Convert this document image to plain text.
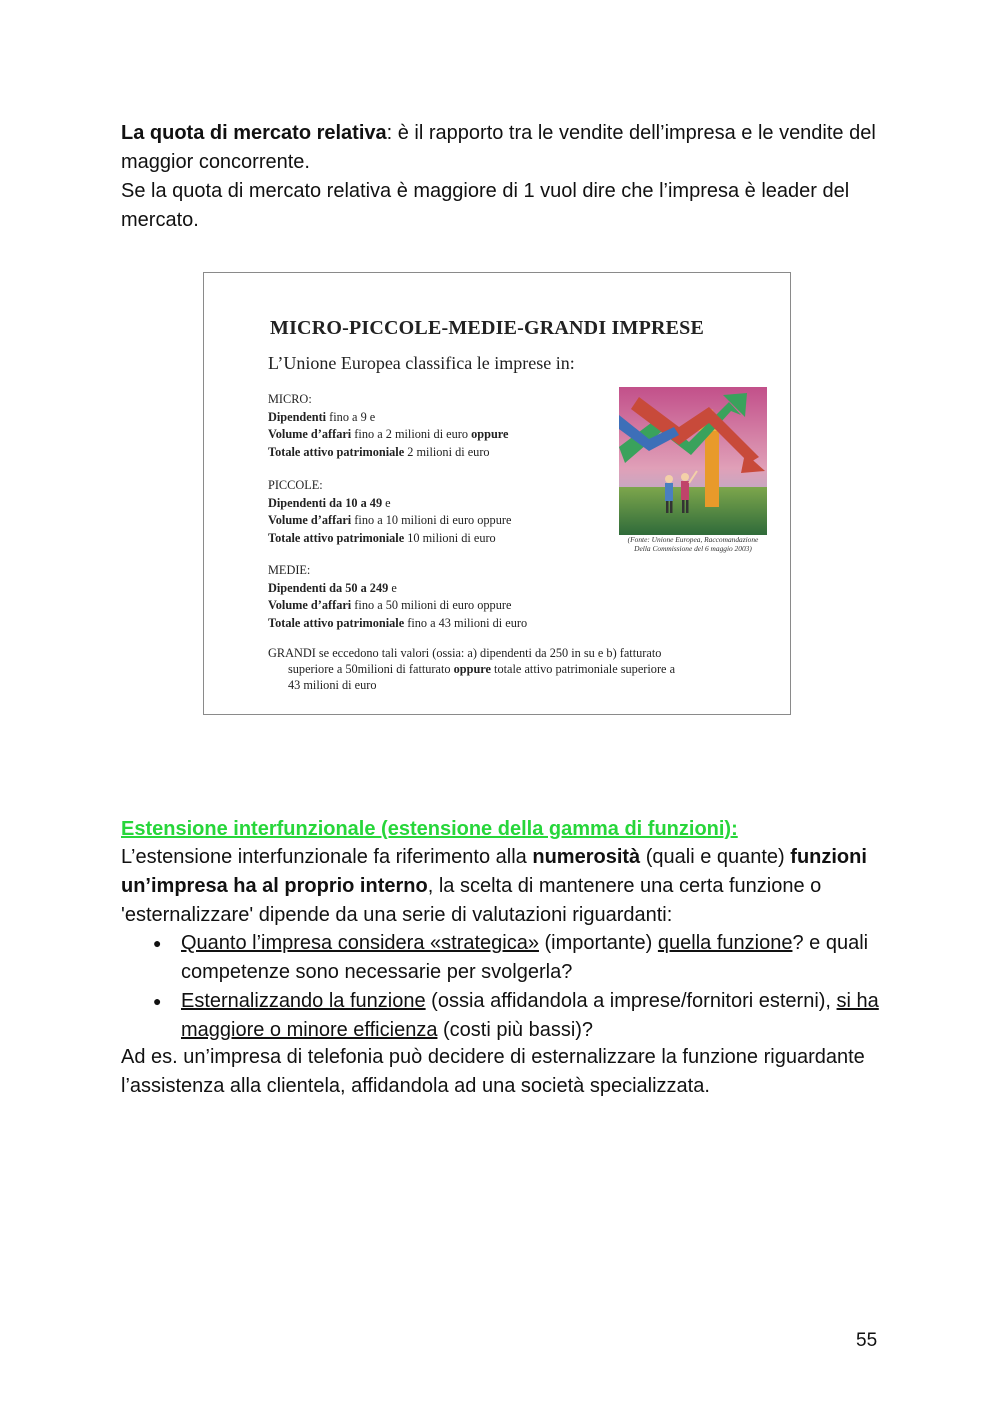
La quota di mercato relativa: è il rapporto tra le vendite dell’impresa e le vendite del maggior concorrente.
Se la quota di mercato relativa è maggiore di 1 vuol dire che l’impresa è leader del mercato.

MICRO-PICCOLE-MEDIE-GRANDI IMPRESE
L’Unione Europea classifica le imprese in:
MICRO:
Dipendenti fino a 9 e
Volume d’affari fino a 2 milioni di euro oppure
Totale attivo patrimoniale 2 milioni di euro
PICCOLE:
Dipendenti da 10 a 49 e
Volume d’affari fino a 10 milioni di euro oppure
Totale attivo patrimoniale 10 milioni di euro
MEDIE:
Dipendenti da 50 a 249 e
Volume d’affari fino a 50 milioni di euro oppure
Totale attivo patrimoniale fino a 43 milioni di euro
GRANDI se eccedono tali valori (ossia: a) dipendenti da 250 in su e b) fatturato
superiore a 50milioni di fatturato oppure totale attivo patrimoniale superiore a
43 milioni di euro
(Fonte: Unione Europea, Raccomandazione
Della Commissione del 6 maggio 2003)
Estensione interfunzionale (estensione della gamma di funzioni):

L’estensione interfunzionale fa riferimento alla numerosità (quali e quante) funzioni un’impresa ha al proprio interno, la scelta di mantenere una certa funzione o 'esternalizzare' dipende da una serie di valutazioni riguardanti:

● Quanto l’impresa considera «strategica» (importante) quella funzione? e quali competenze sono necessarie per svolgerla?
● Esternalizzando la funzione (ossia affidandola a imprese/fornitori esterni), si ha maggiore o minore efficienza (costi più bassi)?

Ad es. un’impresa di telefonia può decidere di esternalizzare la funzione riguardante l’assistenza alla clientela, affidandola ad una società specializzata.

55
